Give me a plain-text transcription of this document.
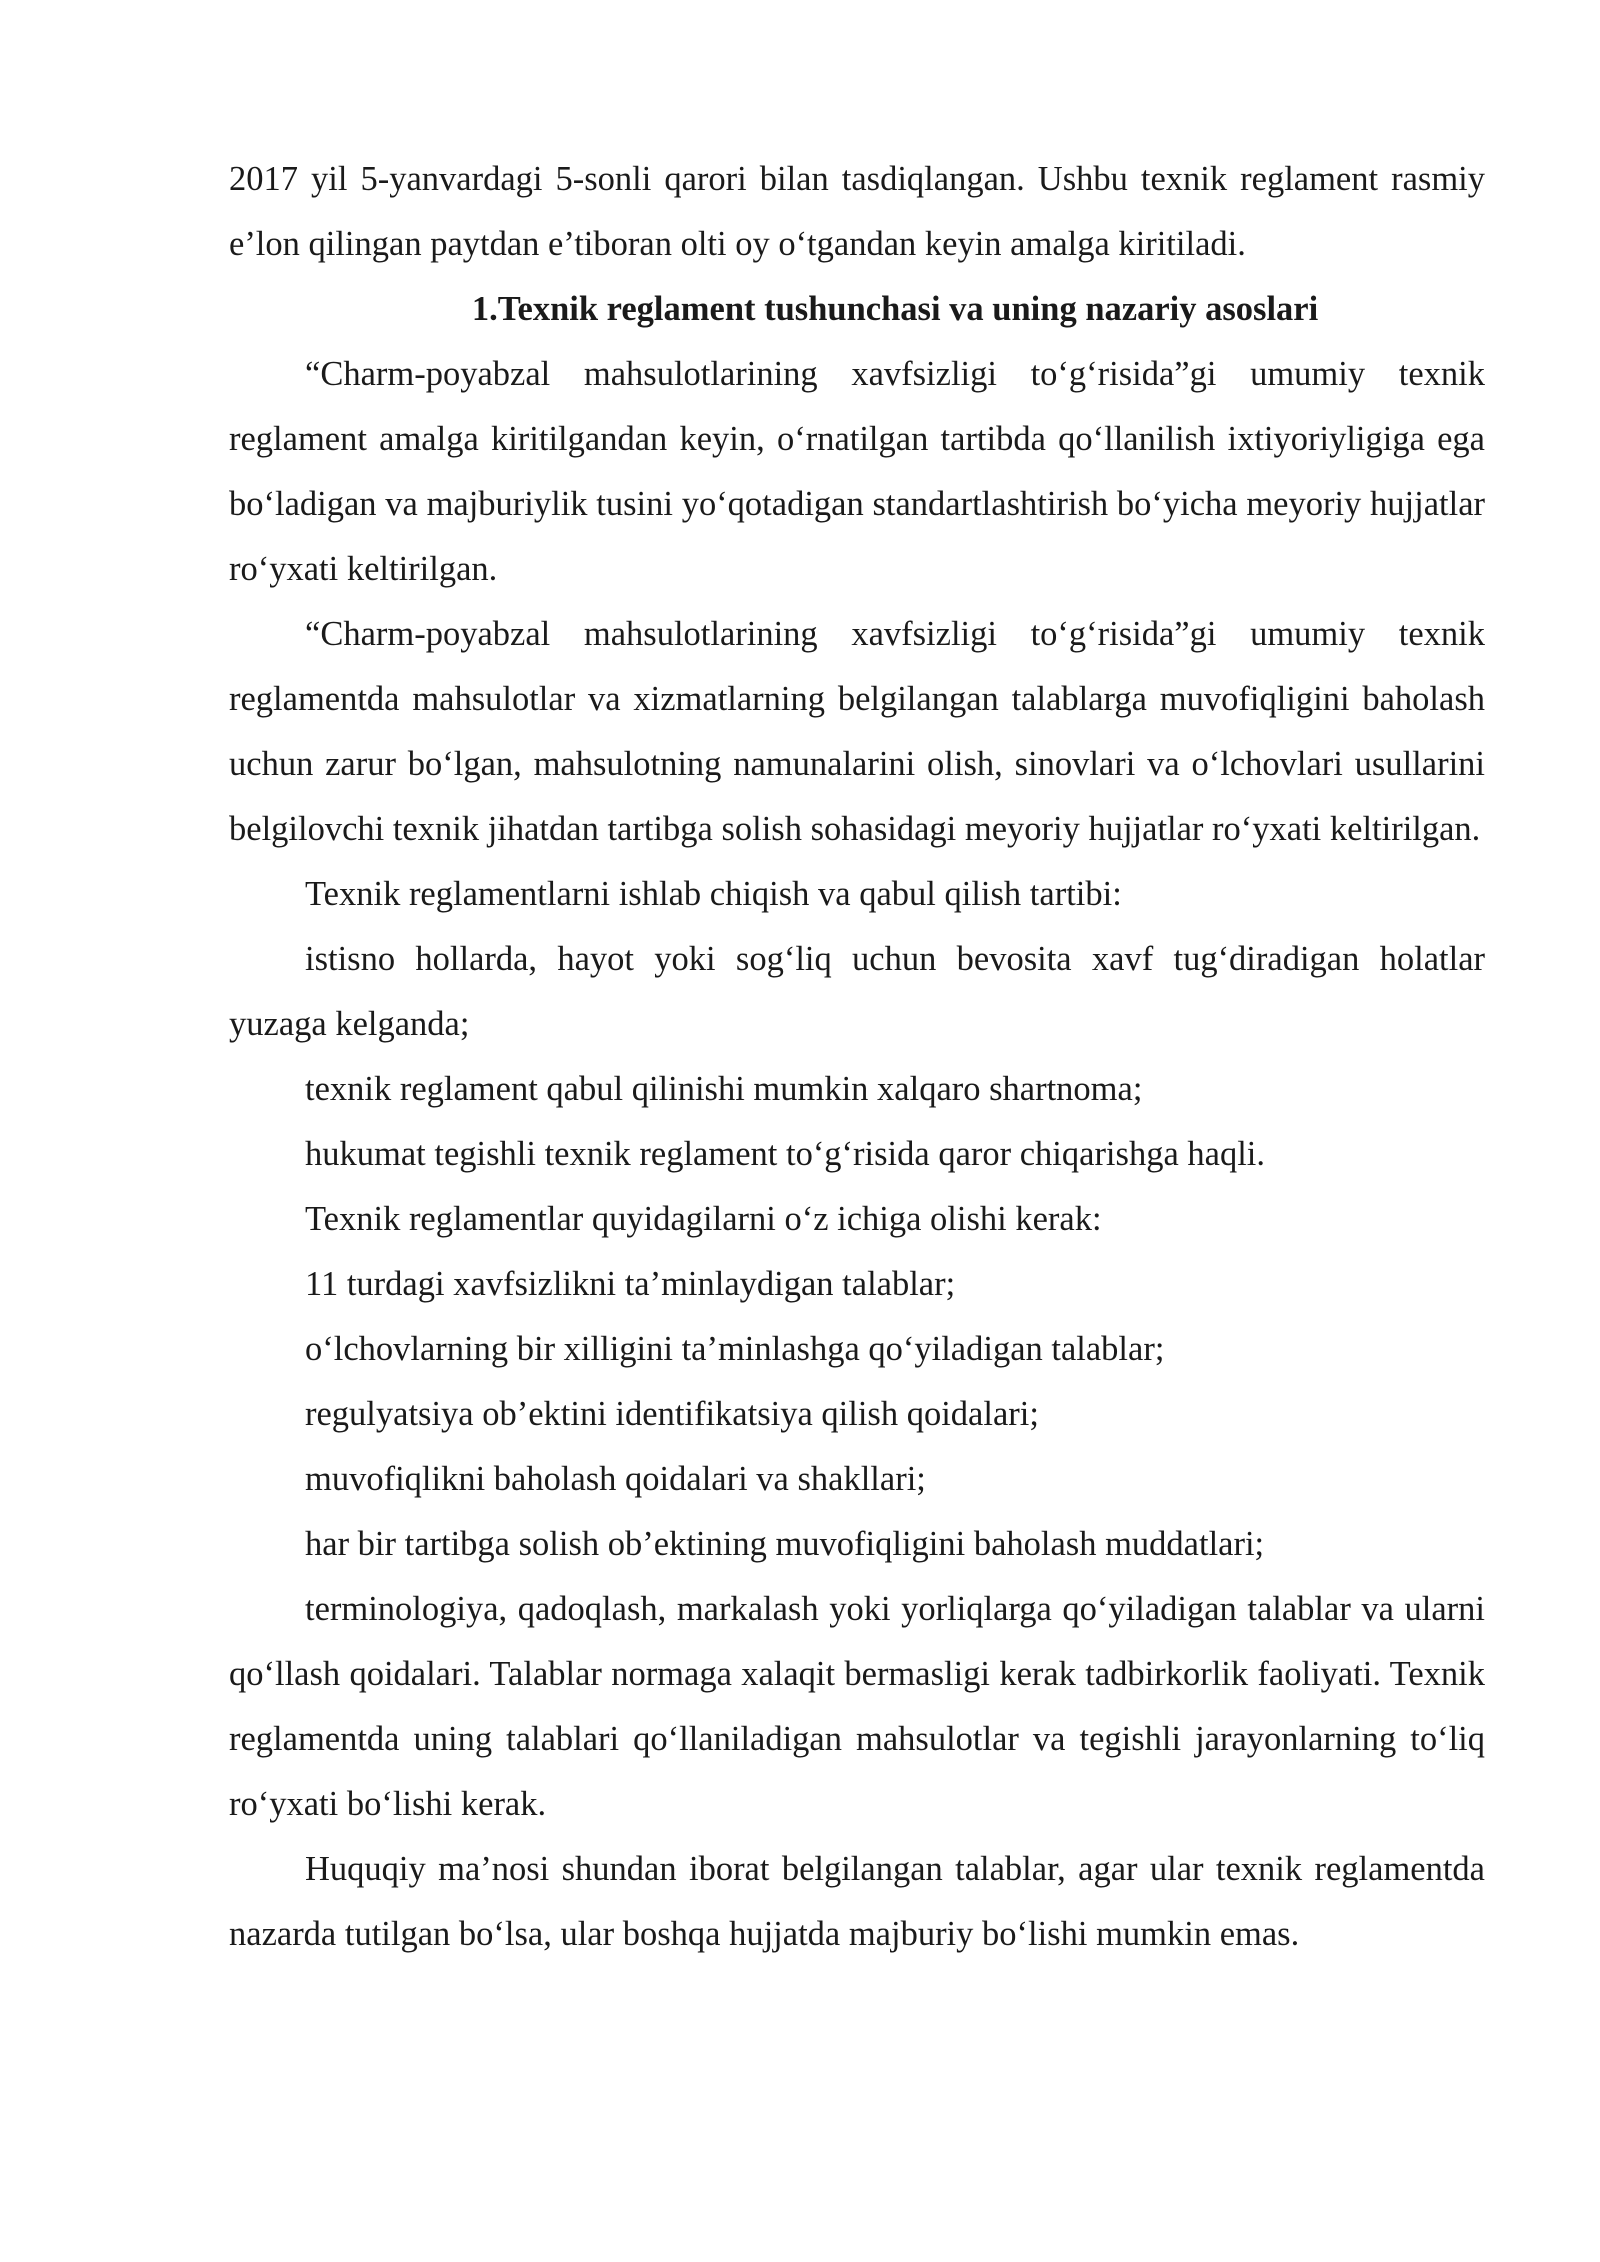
2017 yil 5-yanvardagi 5-sonli qarori bilan tasdiqlangan. Ushbu texnik reglament rasmiy e’lon qilingan paytdan e’tiboran olti oy o‘tgandan keyin amalga kiritiladi.

1.Texnik reglament tushunchasi va uning nazariy asoslari

“Charm-poyabzal mahsulotlarining xavfsizligi to‘g‘risida”gi umumiy texnik reglament amalga kiritilgandan keyin, o‘rnatilgan tartibda qo‘llanilish ixtiyoriyligiga ega bo‘ladigan va majburiylik tusini yo‘qotadigan standartlashtirish bo‘yicha meyoriy hujjatlar ro‘yxati keltirilgan.

“Charm-poyabzal mahsulotlarining xavfsizligi to‘g‘risida”gi umumiy texnik reglamentda mahsulotlar va xizmatlarning belgilangan talablarga muvofiqligini baholash uchun zarur bo‘lgan, mahsulotning namunalarini olish, sinovlari va o‘lchovlari usullarini belgilovchi texnik jihatdan tartibga solish sohasidagi meyoriy hujjatlar ro‘yxati keltirilgan.

Texnik reglamentlarni ishlab chiqish va qabul qilish tartibi:

istisno hollarda, hayot yoki sog‘liq uchun bevosita xavf tug‘diradigan holatlar yuzaga kelganda;

texnik reglament qabul qilinishi mumkin xalqaro shartnoma;

hukumat tegishli texnik reglament to‘g‘risida qaror chiqarishga haqli.

Texnik reglamentlar quyidagilarni o‘z ichiga olishi kerak:

11 turdagi xavfsizlikni ta’minlaydigan talablar;

o‘lchovlarning bir xilligini ta’minlashga qo‘yiladigan talablar;

regulyatsiya ob’ektini identifikatsiya qilish qoidalari;

muvofiqlikni baholash qoidalari va shakllari;

har bir tartibga solish ob’ektining muvofiqligini baholash muddatlari;

terminologiya, qadoqlash, markalash yoki yorliqlarga qo‘yiladigan talablar va ularni qo‘llash qoidalari. Talablar normaga xalaqit bermasligi kerak tadbirkorlik faoliyati. Texnik reglamentda uning talablari qo‘llaniladigan mahsulotlar va tegishli jarayonlarning to‘liq ro‘yxati bo‘lishi kerak.

Huquqiy ma’nosi shundan iborat belgilangan talablar, agar ular texnik reglamentda nazarda tutilgan bo‘lsa, ular boshqa hujjatda majburiy bo‘lishi mumkin emas.
